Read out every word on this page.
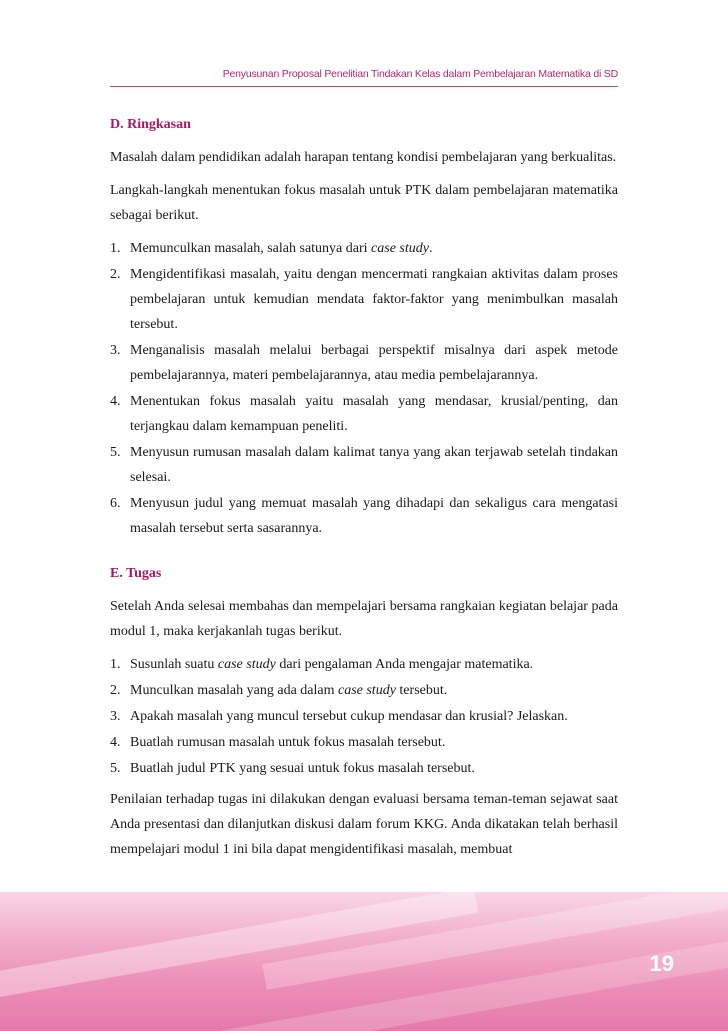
Penyusunan Proposal Penelitian Tindakan Kelas dalam Pembelajaran Matematika di SD
D. Ringkasan

Masalah dalam pendidikan adalah harapan tentang kondisi pembelajaran yang berkualitas.

Langkah-langkah menentukan fokus masalah untuk PTK dalam pembelajaran matematika sebagai berikut.

1. Memunculkan masalah, salah satunya dari case study.
2. Mengidentifikasi masalah, yaitu dengan mencermati rangkaian aktivitas dalam proses pembelajaran untuk kemudian mendata faktor-faktor yang menimbulkan masalah tersebut.
3. Menganalisis masalah melalui berbagai perspektif misalnya dari aspek metode pembelajarannya, materi pembelajarannya, atau media pembelajarannya.
4. Menentukan fokus masalah yaitu masalah yang mendasar, krusial/penting, dan terjangkau dalam kemampuan peneliti.
5. Menyusun rumusan masalah dalam kalimat tanya yang akan terjawab setelah tindakan selesai.
6. Menyusun judul yang memuat masalah yang dihadapi dan sekaligus cara mengatasi masalah tersebut serta sasarannya.
E. Tugas

Setelah Anda selesai membahas dan mempelajari bersama rangkaian kegiatan belajar pada modul 1, maka kerjakanlah tugas berikut.

1. Susunlah suatu case study dari pengalaman Anda mengajar matematika.
2. Munculkan masalah yang ada dalam case study tersebut.
3. Apakah masalah yang muncul tersebut cukup mendasar dan krusial? Jelaskan.
4. Buatlah rumusan masalah untuk fokus masalah tersebut.
5. Buatlah judul PTK yang sesuai untuk fokus masalah tersebut.

Penilaian terhadap tugas ini dilakukan dengan evaluasi bersama teman-teman sejawat saat Anda presentasi dan dilanjutkan diskusi dalam forum KKG. Anda dikatakan telah berhasil mempelajari modul 1 ini bila dapat mengidentifikasi masalah, membuat

19
